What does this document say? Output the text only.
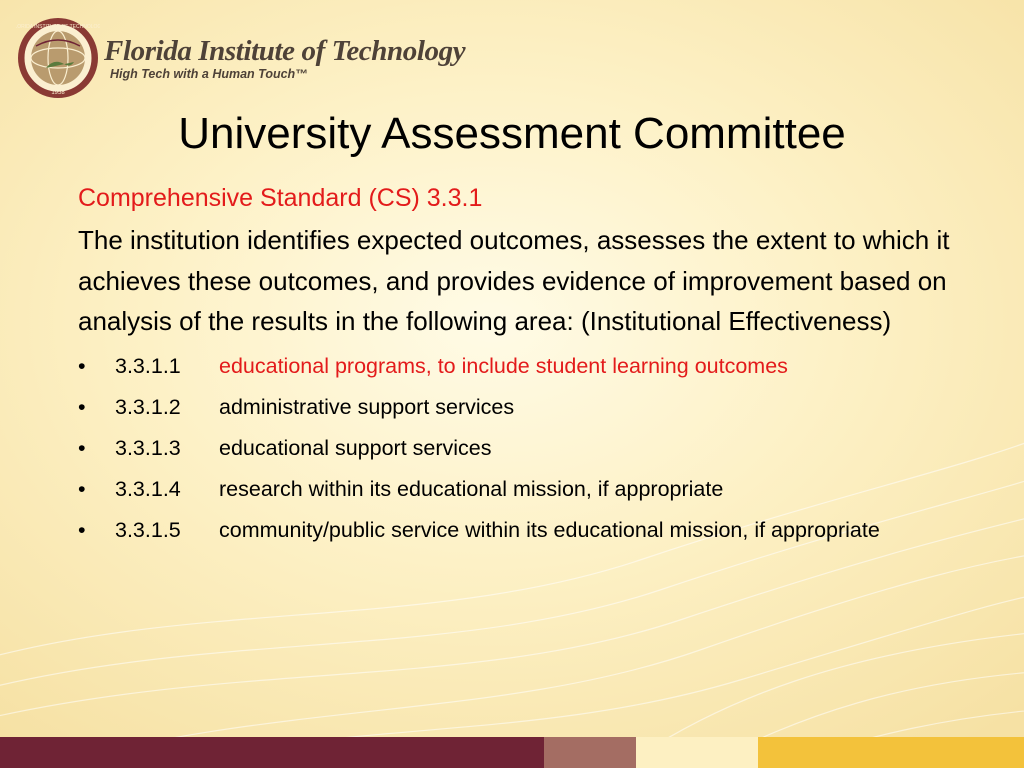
FLORIDA INSTITUTE OF TECHNOLOGY
1958
Florida Institute of Technology
High Tech with a Human Touch™
University Assessment Committee
Comprehensive Standard (CS) 3.3.1
The institution identifies expected outcomes, assesses the extent to which it achieves these outcomes, and provides evidence of improvement based on analysis of the results in the following area: (Institutional Effectiveness)
• 3.3.1.1	educational programs, to include student learning outcomes
• 3.3.1.2	administrative support services
• 3.3.1.3	educational support services
• 3.3.1.4	research within its educational mission, if appropriate
• 3.3.1.5	community/public service within its educational mission, if appropriate
